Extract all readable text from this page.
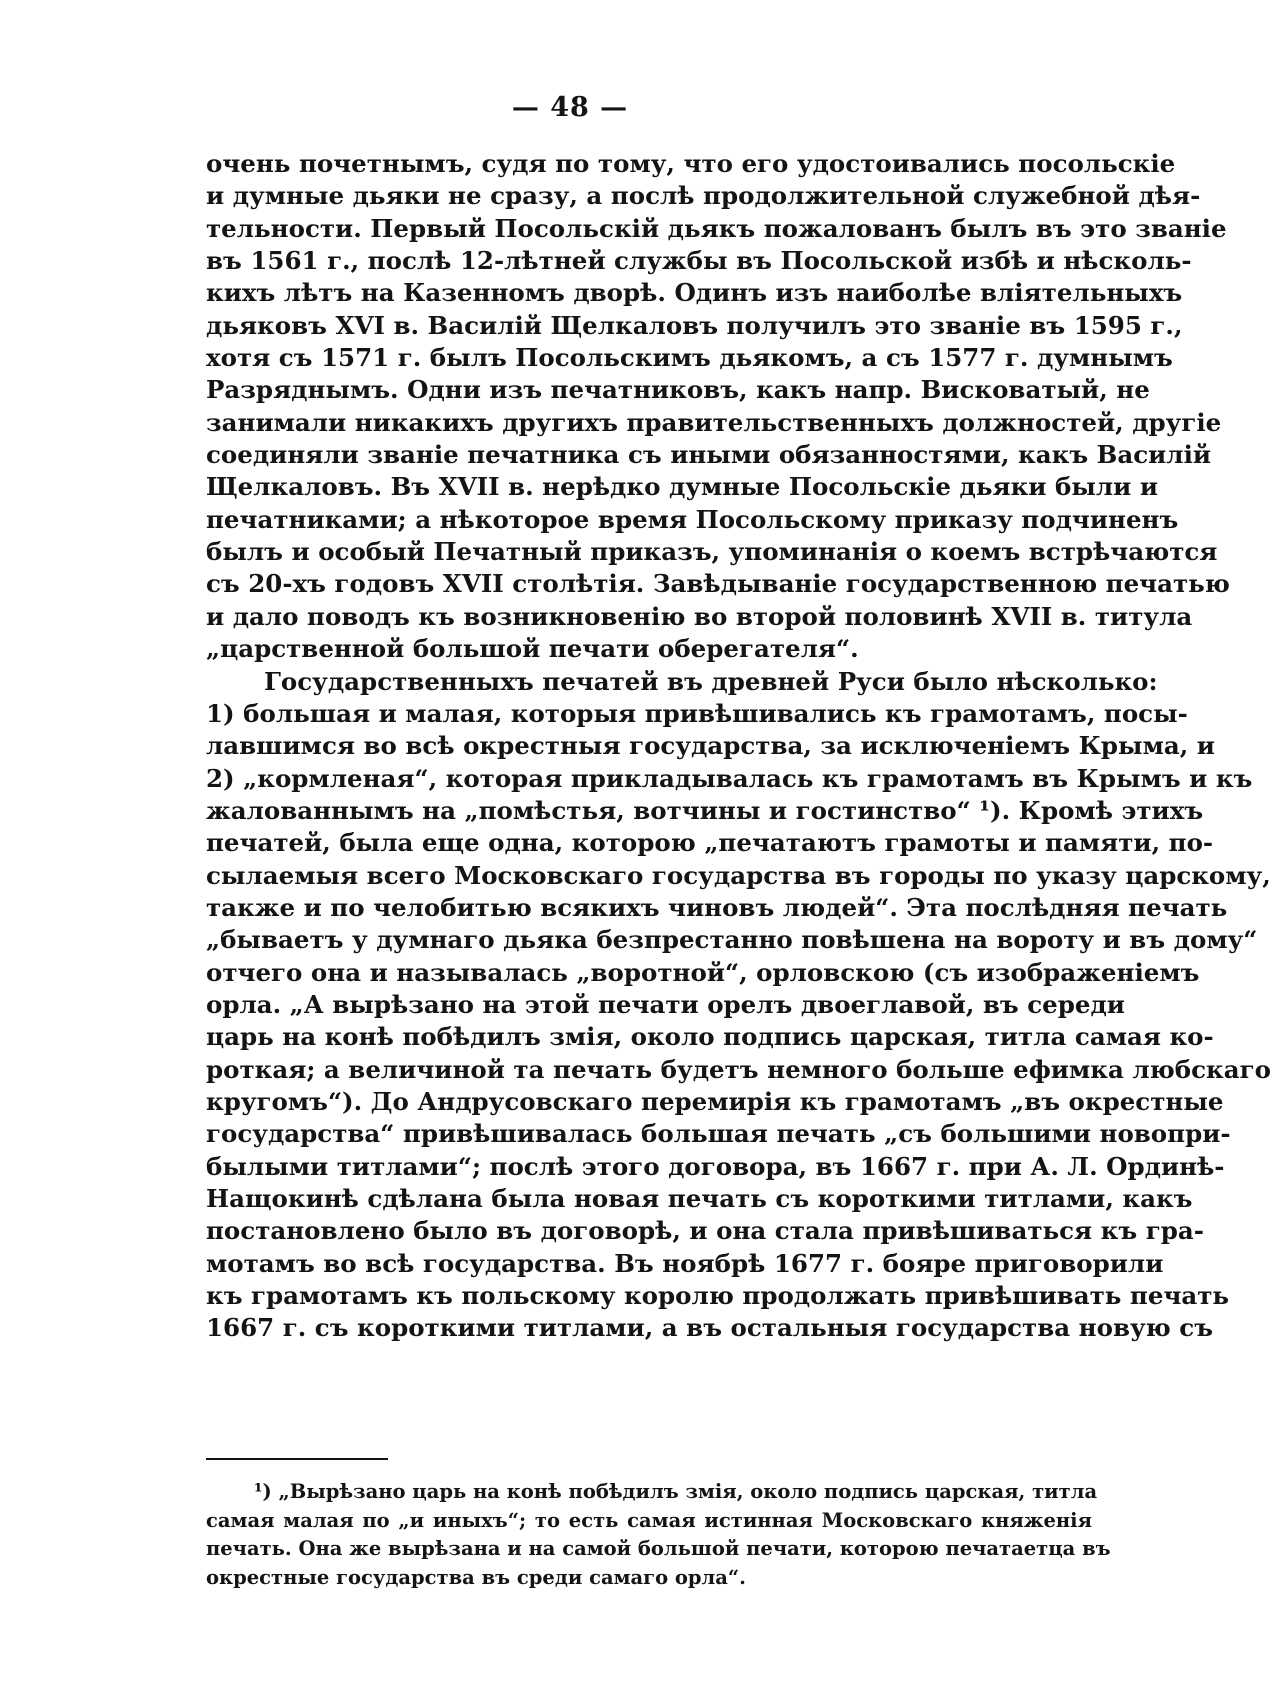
— 48 —
очень почетнымъ, судя по тому, что его удостоивались посольскіе
и думные дьяки не сразу, а послѣ продолжительной служебной дѣя-
тельности. Первый Посольскій дьякъ пожалованъ былъ въ это званіе
въ 1561 г., послѣ 12-лѣтней службы въ Посольской избѣ и нѣсколь-
кихъ лѣтъ на Казенномъ дворѣ. Одинъ изъ наиболѣе вліятельныхъ
дьяковъ XVI в. Василій Щелкаловъ получилъ это званіе въ 1595 г.,
хотя съ 1571 г. былъ Посольскимъ дьякомъ, а съ 1577 г. думнымъ
Разряднымъ. Одни изъ печатниковъ, какъ напр. Висковатый, не
занимали никакихъ другихъ правительственныхъ должностей, другіе
соединяли званіе печатника съ иными обязанностями, какъ Василій
Щелкаловъ. Въ XVII в. нерѣдко думные Посольскіе дьяки были и
печатниками; а нѣкоторое время Посольскому приказу подчиненъ
былъ и особый Печатный приказъ, упоминанія о коемъ встрѣчаются
съ 20-хъ годовъ XVII столѣтія. Завѣдываніе государственною печатью
и дало поводъ къ возникновенію во второй половинѣ XVII в. титула
„царственной большой печати оберегателя“.
Государственныхъ печатей въ древней Руси было нѣсколько:
1) большая и малая, которыя привѣшивались къ грамотамъ, посы-
лавшимся во всѣ окрестныя государства, за исключеніемъ Крыма, и
2) „кормленая“, которая прикладывалась къ грамотамъ въ Крымъ и къ
жалованнымъ на „помѣстья, вотчины и гостинство“ ¹). Кромѣ этихъ
печатей, была еще одна, которою „печатаютъ грамоты и памяти, по-
сылаемыя всего Московскаго государства въ городы по указу царскому,
также и по челобитью всякихъ чиновъ людей“. Эта послѣдняя печать
„бываетъ у думнаго дьяка безпрестанно повѣшена на вороту и въ дому“
отчего она и называлась „воротной“, орловскою (съ изображеніемъ
орла. „А вырѣзано на этой печати орелъ двоеглавой, въ середи
царь на конѣ побѣдилъ змія, около подпись царская, титла самая ко-
роткая; а величиной та печать будетъ немного больше ефимка любскаго
кругомъ“). До Андрусовскаго перемирія къ грамотамъ „въ окрестные
государства“ привѣшивалась большая печать „съ большими новопри-
былыми титлами“; послѣ этого договора, въ 1667 г. при А. Л. Ординѣ-
Нащокинѣ сдѣлана была новая печать съ короткими титлами, какъ
постановлено было въ договорѣ, и она стала привѣшиваться къ гра-
мотамъ во всѣ государства. Въ ноябрѣ 1677 г. бояре приговорили
къ грамотамъ къ польскому королю продолжать привѣшивать печать
1667 г. съ короткими титлами, а въ остальныя государства новую съ
¹) „Вырѣзано царь на конѣ побѣдилъ змія, около подпись царская, титла
самая малая по „и иныхъ“; то есть самая истинная Московскаго княженія
печать. Она же вырѣзана и на самой большой печати, которою печатаетца въ
окрестные государства въ среди самаго орла“.
